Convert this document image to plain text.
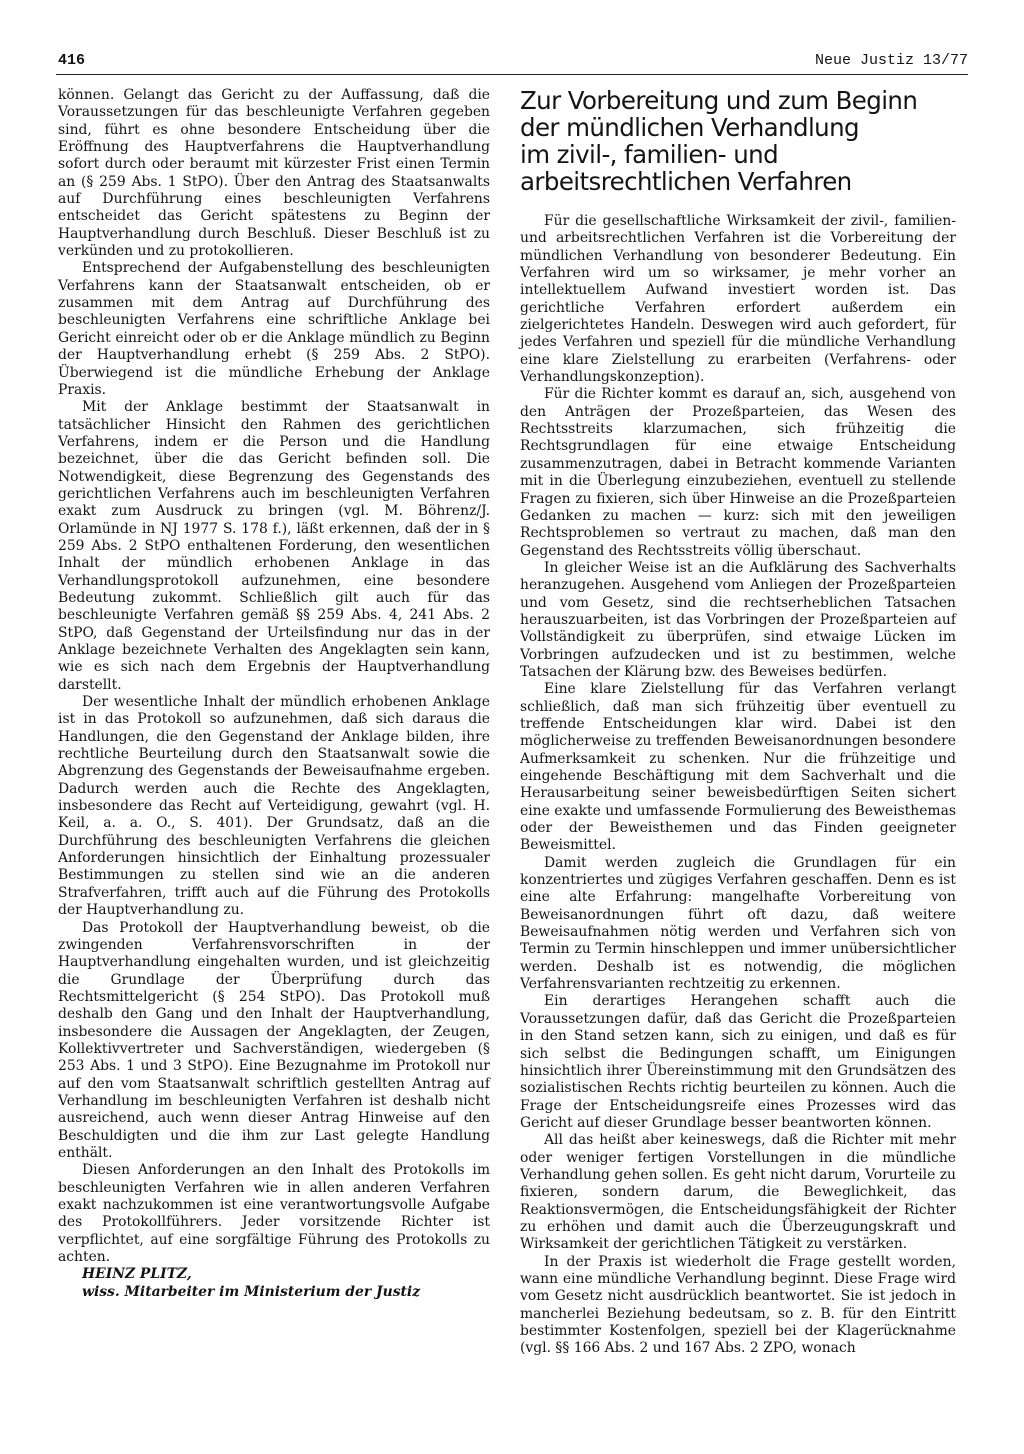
416	Neue Justiz 13/77

können. Gelangt das Gericht zu der Auffassung, daß die Voraussetzungen für das beschleunigte Verfahren gegeben sind, führt es ohne besondere Entscheidung über die Eröffnung des Hauptverfahrens die Hauptverhandlung sofort durch oder beraumt mit kürzester Frist einen Termin an (§ 259 Abs. 1 StPO). Über den Antrag des Staatsanwalts auf Durchführung eines beschleunigten Verfahrens entscheidet das Gericht spätestens zu Beginn der Hauptverhandlung durch Beschluß. Dieser Beschluß ist zu verkünden und zu protokollieren.

Entsprechend der Aufgabenstellung des beschleunigten Verfahrens kann der Staatsanwalt entscheiden, ob er zusammen mit dem Antrag auf Durchführung des beschleunigten Verfahrens eine schriftliche Anklage bei Gericht einreicht oder ob er die Anklage mündlich zu Beginn der Hauptverhandlung erhebt (§ 259 Abs. 2 StPO). Überwiegend ist die mündliche Erhebung der Anklage Praxis.

Mit der Anklage bestimmt der Staatsanwalt in tatsächlicher Hinsicht den Rahmen des gerichtlichen Verfahrens, indem er die Person und die Handlung bezeichnet, über die das Gericht befinden soll. Die Notwendigkeit, diese Begrenzung des Gegenstands des gerichtlichen Verfahrens auch im beschleunigten Verfahren exakt zum Ausdruck zu bringen (vgl. M. Böhrenz/J. Orlamünde in NJ 1977 S. 178 f.), läßt erkennen, daß der in § 259 Abs. 2 StPO enthaltenen Forderung, den wesentlichen Inhalt der mündlich erhobenen Anklage in das Verhandlungsprotokoll aufzunehmen, eine besondere Bedeutung zukommt. Schließlich gilt auch für das beschleunigte Verfahren gemäß §§ 259 Abs. 4, 241 Abs. 2 StPO, daß Gegenstand der Urteilsfindung nur das in der Anklage bezeichnete Verhalten des Angeklagten sein kann, wie es sich nach dem Ergebnis der Hauptverhandlung darstellt.

Der wesentliche Inhalt der mündlich erhobenen Anklage ist in das Protokoll so aufzunehmen, daß sich daraus die Handlungen, die den Gegenstand der Anklage bilden, ihre rechtliche Beurteilung durch den Staatsanwalt sowie die Abgrenzung des Gegenstands der Beweisaufnahme ergeben. Dadurch werden auch die Rechte des Angeklagten, insbesondere das Recht auf Verteidigung, gewahrt (vgl. H. Keil, a. a. O., S. 401). Der Grundsatz, daß an die Durchführung des beschleunigten Verfahrens die gleichen Anforderungen hinsichtlich der Einhaltung prozessualer Bestimmungen zu stellen sind wie an die anderen Strafverfahren, trifft auch auf die Führung des Protokolls der Hauptverhandlung zu.

Das Protokoll der Hauptverhandlung beweist, ob die zwingenden Verfahrensvorschriften in der Hauptverhandlung eingehalten wurden, und ist gleichzeitig die Grundlage der Überprüfung durch das Rechtsmittelgericht (§ 254 StPO). Das Protokoll muß deshalb den Gang und den Inhalt der Hauptverhandlung, insbesondere die Aussagen der Angeklagten, der Zeugen, Kollektivvertreter und Sachverständigen, wiedergeben (§ 253 Abs. 1 und 3 StPO). Eine Bezugnahme im Protokoll nur auf den vom Staatsanwalt schriftlich gestellten Antrag auf Verhandlung im beschleunigten Verfahren ist deshalb nicht ausreichend, auch wenn dieser Antrag Hinweise auf den Beschuldigten und die ihm zur Last gelegte Handlung enthält.

Diesen Anforderungen an den Inhalt des Protokolls im beschleunigten Verfahren wie in allen anderen Verfahren exakt nachzukommen ist eine verantwortungsvolle Aufgabe des Protokollführers. Jeder vorsitzende Richter ist verpflichtet, auf eine sorgfältige Führung des Protokolls zu achten.

HEINZ PLITZ,

wiss. Mitarbeiter im Ministerium der Justiz

Zur Vorbereitung und zum Beginn
der mündlichen Verhandlung
im zivil-, familien- und
arbeitsrechtlichen Verfahren

Für die gesellschaftliche Wirksamkeit der zivil-, familien- und arbeitsrechtlichen Verfahren ist die Vorbereitung der mündlichen Verhandlung von besonderer Bedeutung. Ein Verfahren wird um so wirksamer, je mehr vorher an intellektuellem Aufwand investiert worden ist. Das gerichtliche Verfahren erfordert außerdem ein zielgerichtetes Handeln. Deswegen wird auch gefordert, für jedes Verfahren und speziell für die mündliche Verhandlung eine klare Zielstellung zu erarbeiten (Verfahrens- oder Verhandlungskonzeption).

Für die Richter kommt es darauf an, sich, ausgehend von den Anträgen der Prozeßparteien, das Wesen des Rechtsstreits klarzumachen, sich frühzeitig die Rechtsgrundlagen für eine etwaige Entscheidung zusammenzutragen, dabei in Betracht kommende Varianten mit in die Überlegung einzubeziehen, eventuell zu stellende Fragen zu fixieren, sich über Hinweise an die Prozeßparteien Gedanken zu machen — kurz: sich mit den jeweiligen Rechtsproblemen so vertraut zu machen, daß man den Gegenstand des Rechtsstreits völlig überschaut.

In gleicher Weise ist an die Aufklärung des Sachverhalts heranzugehen. Ausgehend vom Anliegen der Prozeßparteien und vom Gesetz, sind die rechtserheblichen Tatsachen herauszuarbeiten, ist das Vorbringen der Prozeßparteien auf Vollständigkeit zu überprüfen, sind etwaige Lücken im Vorbringen aufzudecken und ist zu bestimmen, welche Tatsachen der Klärung bzw. des Beweises bedürfen.

Eine klare Zielstellung für das Verfahren verlangt schließlich, daß man sich frühzeitig über eventuell zu treffende Entscheidungen klar wird. Dabei ist den möglicherweise zu treffenden Beweisanordnungen besondere Aufmerksamkeit zu schenken. Nur die frühzeitige und eingehende Beschäftigung mit dem Sachverhalt und die Herausarbeitung seiner beweisbedürftigen Seiten sichert eine exakte und umfassende Formulierung des Beweisthemas oder der Beweisthemen und das Finden geeigneter Beweismittel.

Damit werden zugleich die Grundlagen für ein konzentriertes und zügiges Verfahren geschaffen. Denn es ist eine alte Erfahrung: mangelhafte Vorbereitung von Beweisanordnungen führt oft dazu, daß weitere Beweisaufnahmen nötig werden und Verfahren sich von Termin zu Termin hinschleppen und immer unübersichtlicher werden. Deshalb ist es notwendig, die möglichen Verfahrensvarianten rechtzeitig zu erkennen.

Ein derartiges Herangehen schafft auch die Voraussetzungen dafür, daß das Gericht die Prozeßparteien in den Stand setzen kann, sich zu einigen, und daß es für sich selbst die Bedingungen schafft, um Einigungen hinsichtlich ihrer Übereinstimmung mit den Grundsätzen des sozialistischen Rechts richtig beurteilen zu können. Auch die Frage der Entscheidungsreife eines Prozesses wird das Gericht auf dieser Grundlage besser beantworten können.

All das heißt aber keineswegs, daß die Richter mit mehr oder weniger fertigen Vorstellungen in die mündliche Verhandlung gehen sollen. Es geht nicht darum, Vorurteile zu fixieren, sondern darum, die Beweglichkeit, das Reaktionsvermögen, die Entscheidungsfähigkeit der Richter zu erhöhen und damit auch die Überzeugungskraft und Wirksamkeit der gerichtlichen Tätigkeit zu verstärken.

In der Praxis ist wiederholt die Frage gestellt worden, wann eine mündliche Verhandlung beginnt. Diese Frage wird vom Gesetz nicht ausdrücklich beantwortet. Sie ist jedoch in mancherlei Beziehung bedeutsam, so z. B. für den Eintritt bestimmter Kostenfolgen, speziell bei der Klagerücknahme (vgl. §§ 166 Abs. 2 und 167 Abs. 2 ZPO, wonach
